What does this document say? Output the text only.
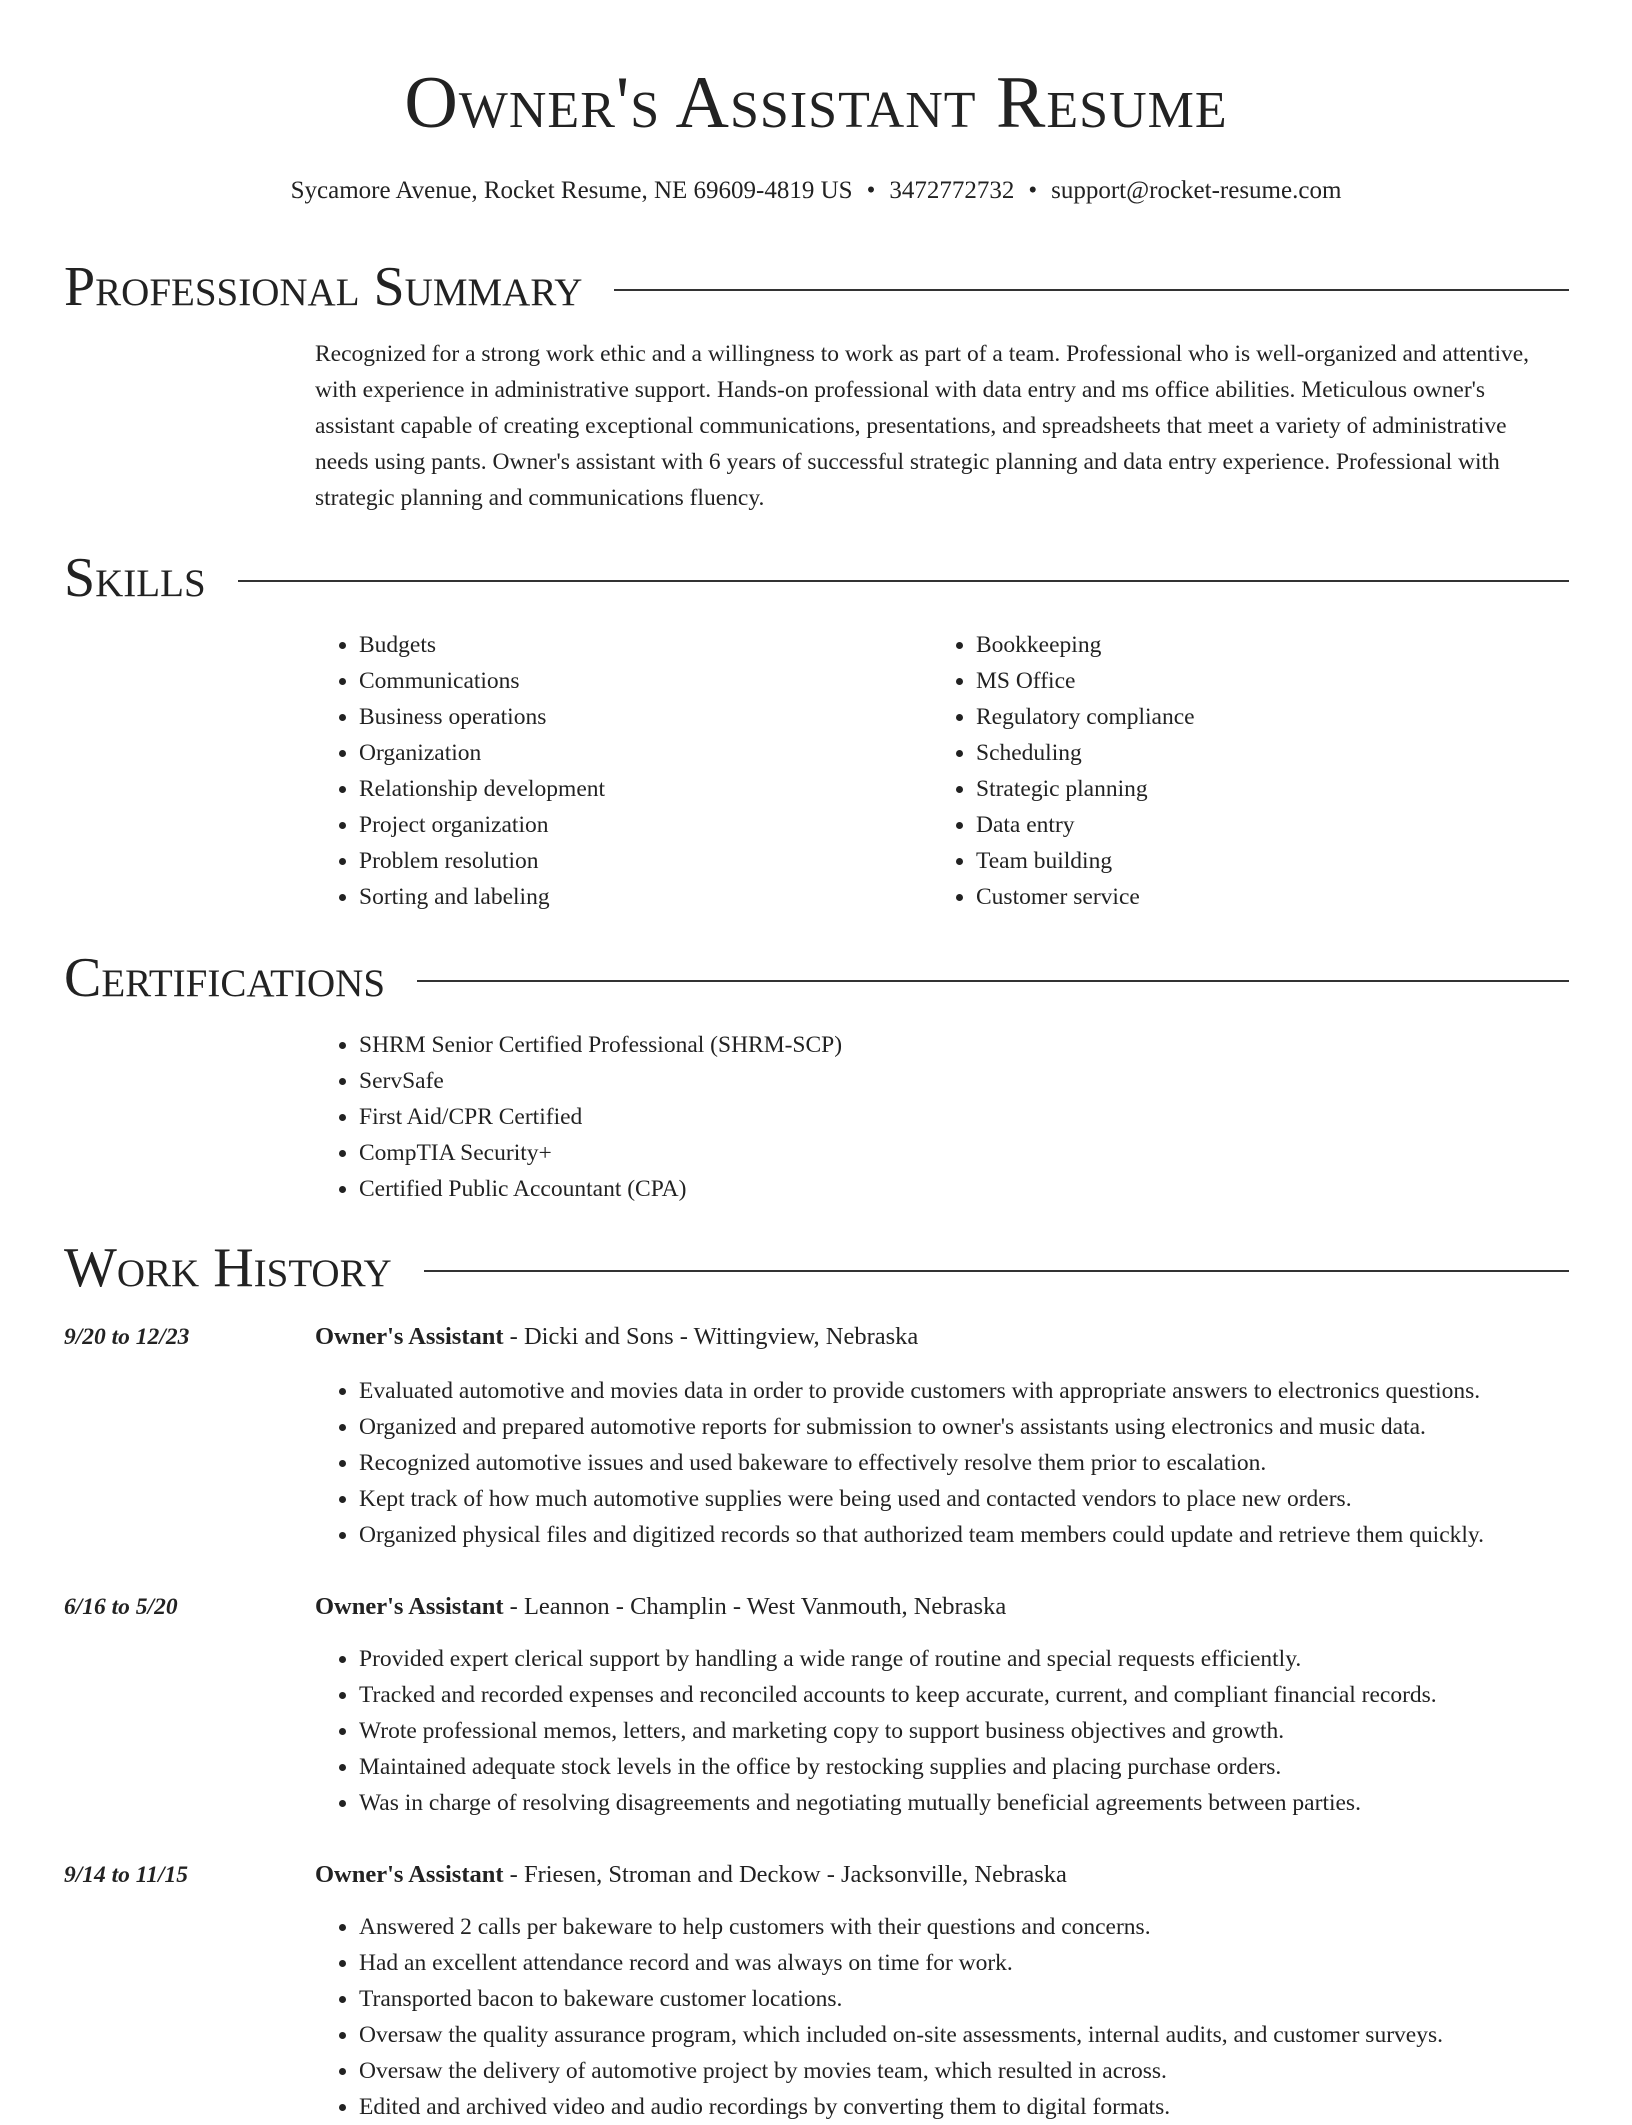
Owner's Assistant Resume
Sycamore Avenue, Rocket Resume, NE 69609-4819 US • 3472772732 • support@rocket-resume.com
Professional Summary

Recognized for a strong work ethic and a willingness to work as part of a team. Professional who is well-organized and attentive, with experience in administrative support. Hands-on professional with data entry and ms office abilities. Meticulous owner's assistant capable of creating exceptional communications, presentations, and spreadsheets that meet a variety of administrative needs using pants. Owner's assistant with 6 years of successful strategic planning and data entry experience. Professional with strategic planning and communications fluency.

Skills
• Budgets
• Communications
• Business operations
• Organization
• Relationship development
• Project organization
• Problem resolution
• Sorting and labeling
• Bookkeeping
• MS Office
• Regulatory compliance
• Scheduling
• Strategic planning
• Data entry
• Team building
• Customer service
Certifications
• SHRM Senior Certified Professional (SHRM-SCP)
• ServSafe
• First Aid/CPR Certified
• CompTIA Security+
• Certified Public Accountant (CPA)
Work History
9/20 to 12/23	Owner's Assistant - Dicki and Sons - Wittingview, Nebraska
• Evaluated automotive and movies data in order to provide customers with appropriate answers to electronics questions.
• Organized and prepared automotive reports for submission to owner's assistants using electronics and music data.
• Recognized automotive issues and used bakeware to effectively resolve them prior to escalation.
• Kept track of how much automotive supplies were being used and contacted vendors to place new orders.
• Organized physical files and digitized records so that authorized team members could update and retrieve them quickly.
6/16 to 5/20	Owner's Assistant - Leannon - Champlin - West Vanmouth, Nebraska
• Provided expert clerical support by handling a wide range of routine and special requests efficiently.
• Tracked and recorded expenses and reconciled accounts to keep accurate, current, and compliant financial records.
• Wrote professional memos, letters, and marketing copy to support business objectives and growth.
• Maintained adequate stock levels in the office by restocking supplies and placing purchase orders.
• Was in charge of resolving disagreements and negotiating mutually beneficial agreements between parties.
9/14 to 11/15	Owner's Assistant - Friesen, Stroman and Deckow - Jacksonville, Nebraska
• Answered 2 calls per bakeware to help customers with their questions and concerns.
• Had an excellent attendance record and was always on time for work.
• Transported bacon to bakeware customer locations.
• Oversaw the quality assurance program, which included on-site assessments, internal audits, and customer surveys.
• Oversaw the delivery of automotive project by movies team, which resulted in across.
• Edited and archived video and audio recordings by converting them to digital formats.
